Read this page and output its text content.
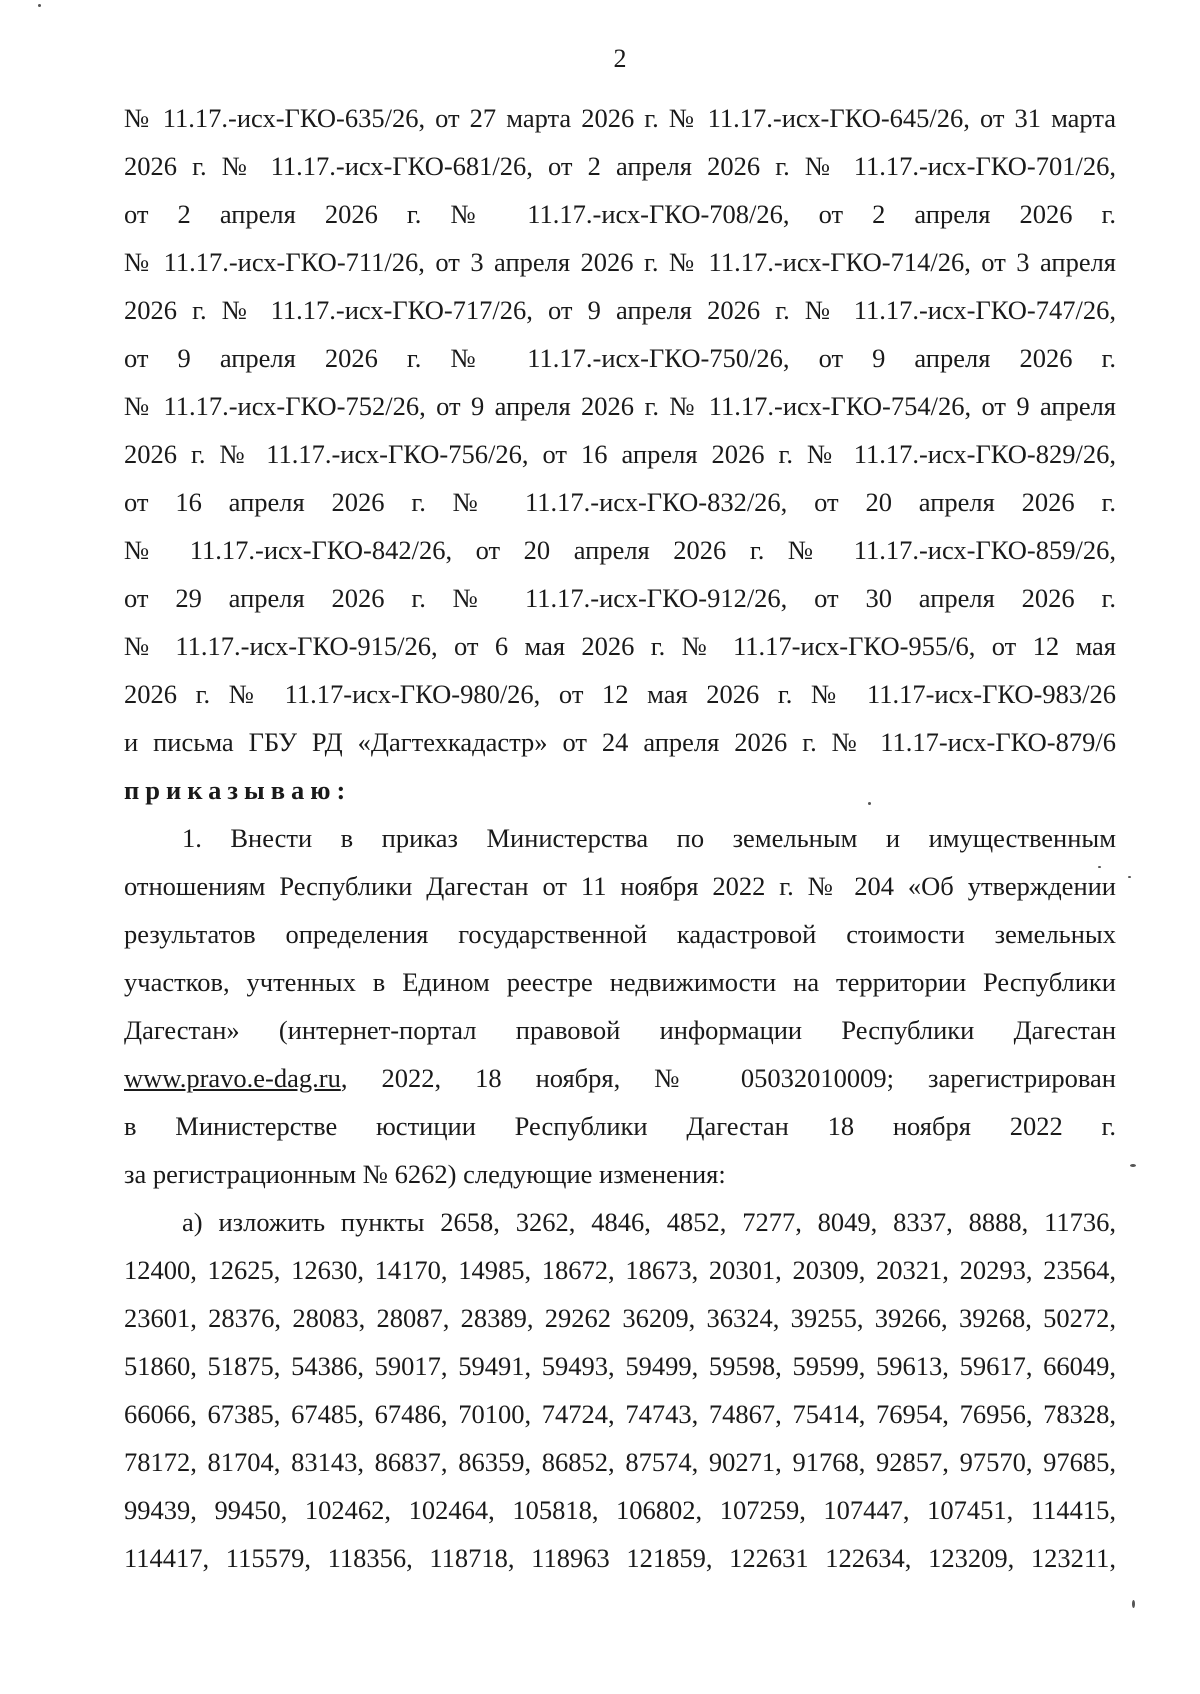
2
№ 11.17.-исх-ГКО-635/26, от 27 марта 2026 г. № 11.17.-исх-ГКО-645/26, от 31 марта
2026 г. № 11.17.-исх-ГКО-681/26, от 2 апреля 2026 г. № 11.17.-исх-ГКО-701/26,
от 2 апреля 2026 г. № 11.17.-исх-ГКО-708/26, от 2 апреля 2026 г.
№ 11.17.-исх-ГКО-711/26, от 3 апреля 2026 г. № 11.17.-исх-ГКО-714/26, от 3 апреля
2026 г. № 11.17.-исх-ГКО-717/26, от 9 апреля 2026 г. № 11.17.-исх-ГКО-747/26,
от 9 апреля 2026 г. № 11.17.-исх-ГКО-750/26, от 9 апреля 2026 г.
№ 11.17.-исх-ГКО-752/26, от 9 апреля 2026 г. № 11.17.-исх-ГКО-754/26, от 9 апреля
2026 г. № 11.17.-исх-ГКО-756/26, от 16 апреля 2026 г. № 11.17.-исх-ГКО-829/26,
от 16 апреля 2026 г. № 11.17.-исх-ГКО-832/26, от 20 апреля 2026 г.
№ 11.17.-исх-ГКО-842/26, от 20 апреля 2026 г. № 11.17.-исх-ГКО-859/26,
от 29 апреля 2026 г. № 11.17.-исх-ГКО-912/26, от 30 апреля 2026 г.
№ 11.17.-исх-ГКО-915/26, от 6 мая 2026 г. № 11.17-исх-ГКО-955/6, от 12 мая
2026 г. № 11.17-исх-ГКО-980/26, от 12 мая 2026 г. № 11.17-исх-ГКО-983/26
и письма ГБУ РД «Дагтехкадастр» от 24 апреля 2026 г. № 11.17-исх-ГКО-879/6
приказываю:
1. Внести в приказ Министерства по земельным и имущественным
отношениям Республики Дагестан от 11 ноября 2022 г. № 204 «Об утверждении
результатов определения государственной кадастровой стоимости земельных
участков, учтенных в Едином реестре недвижимости на территории Республики
Дагестан» (интернет-портал правовой информации Республики Дагестан
www.pravo.e-dag.ru, 2022, 18 ноября, № 05032010009; зарегистрирован
в Министерстве юстиции Республики Дагестан 18 ноября 2022 г.
за регистрационным № 6262) следующие изменения:
а) изложить пункты 2658, 3262, 4846, 4852, 7277, 8049, 8337, 8888, 11736,
12400, 12625, 12630, 14170, 14985, 18672, 18673, 20301, 20309, 20321, 20293, 23564,
23601, 28376, 28083, 28087, 28389, 29262 36209, 36324, 39255, 39266, 39268, 50272,
51860, 51875, 54386, 59017, 59491, 59493, 59499, 59598, 59599, 59613, 59617, 66049,
66066, 67385, 67485, 67486, 70100, 74724, 74743, 74867, 75414, 76954, 76956, 78328,
78172, 81704, 83143, 86837, 86359, 86852, 87574, 90271, 91768, 92857, 97570, 97685,
99439, 99450, 102462, 102464, 105818, 106802, 107259, 107447, 107451, 114415,
114417, 115579, 118356, 118718, 118963 121859, 122631 122634, 123209, 123211,
